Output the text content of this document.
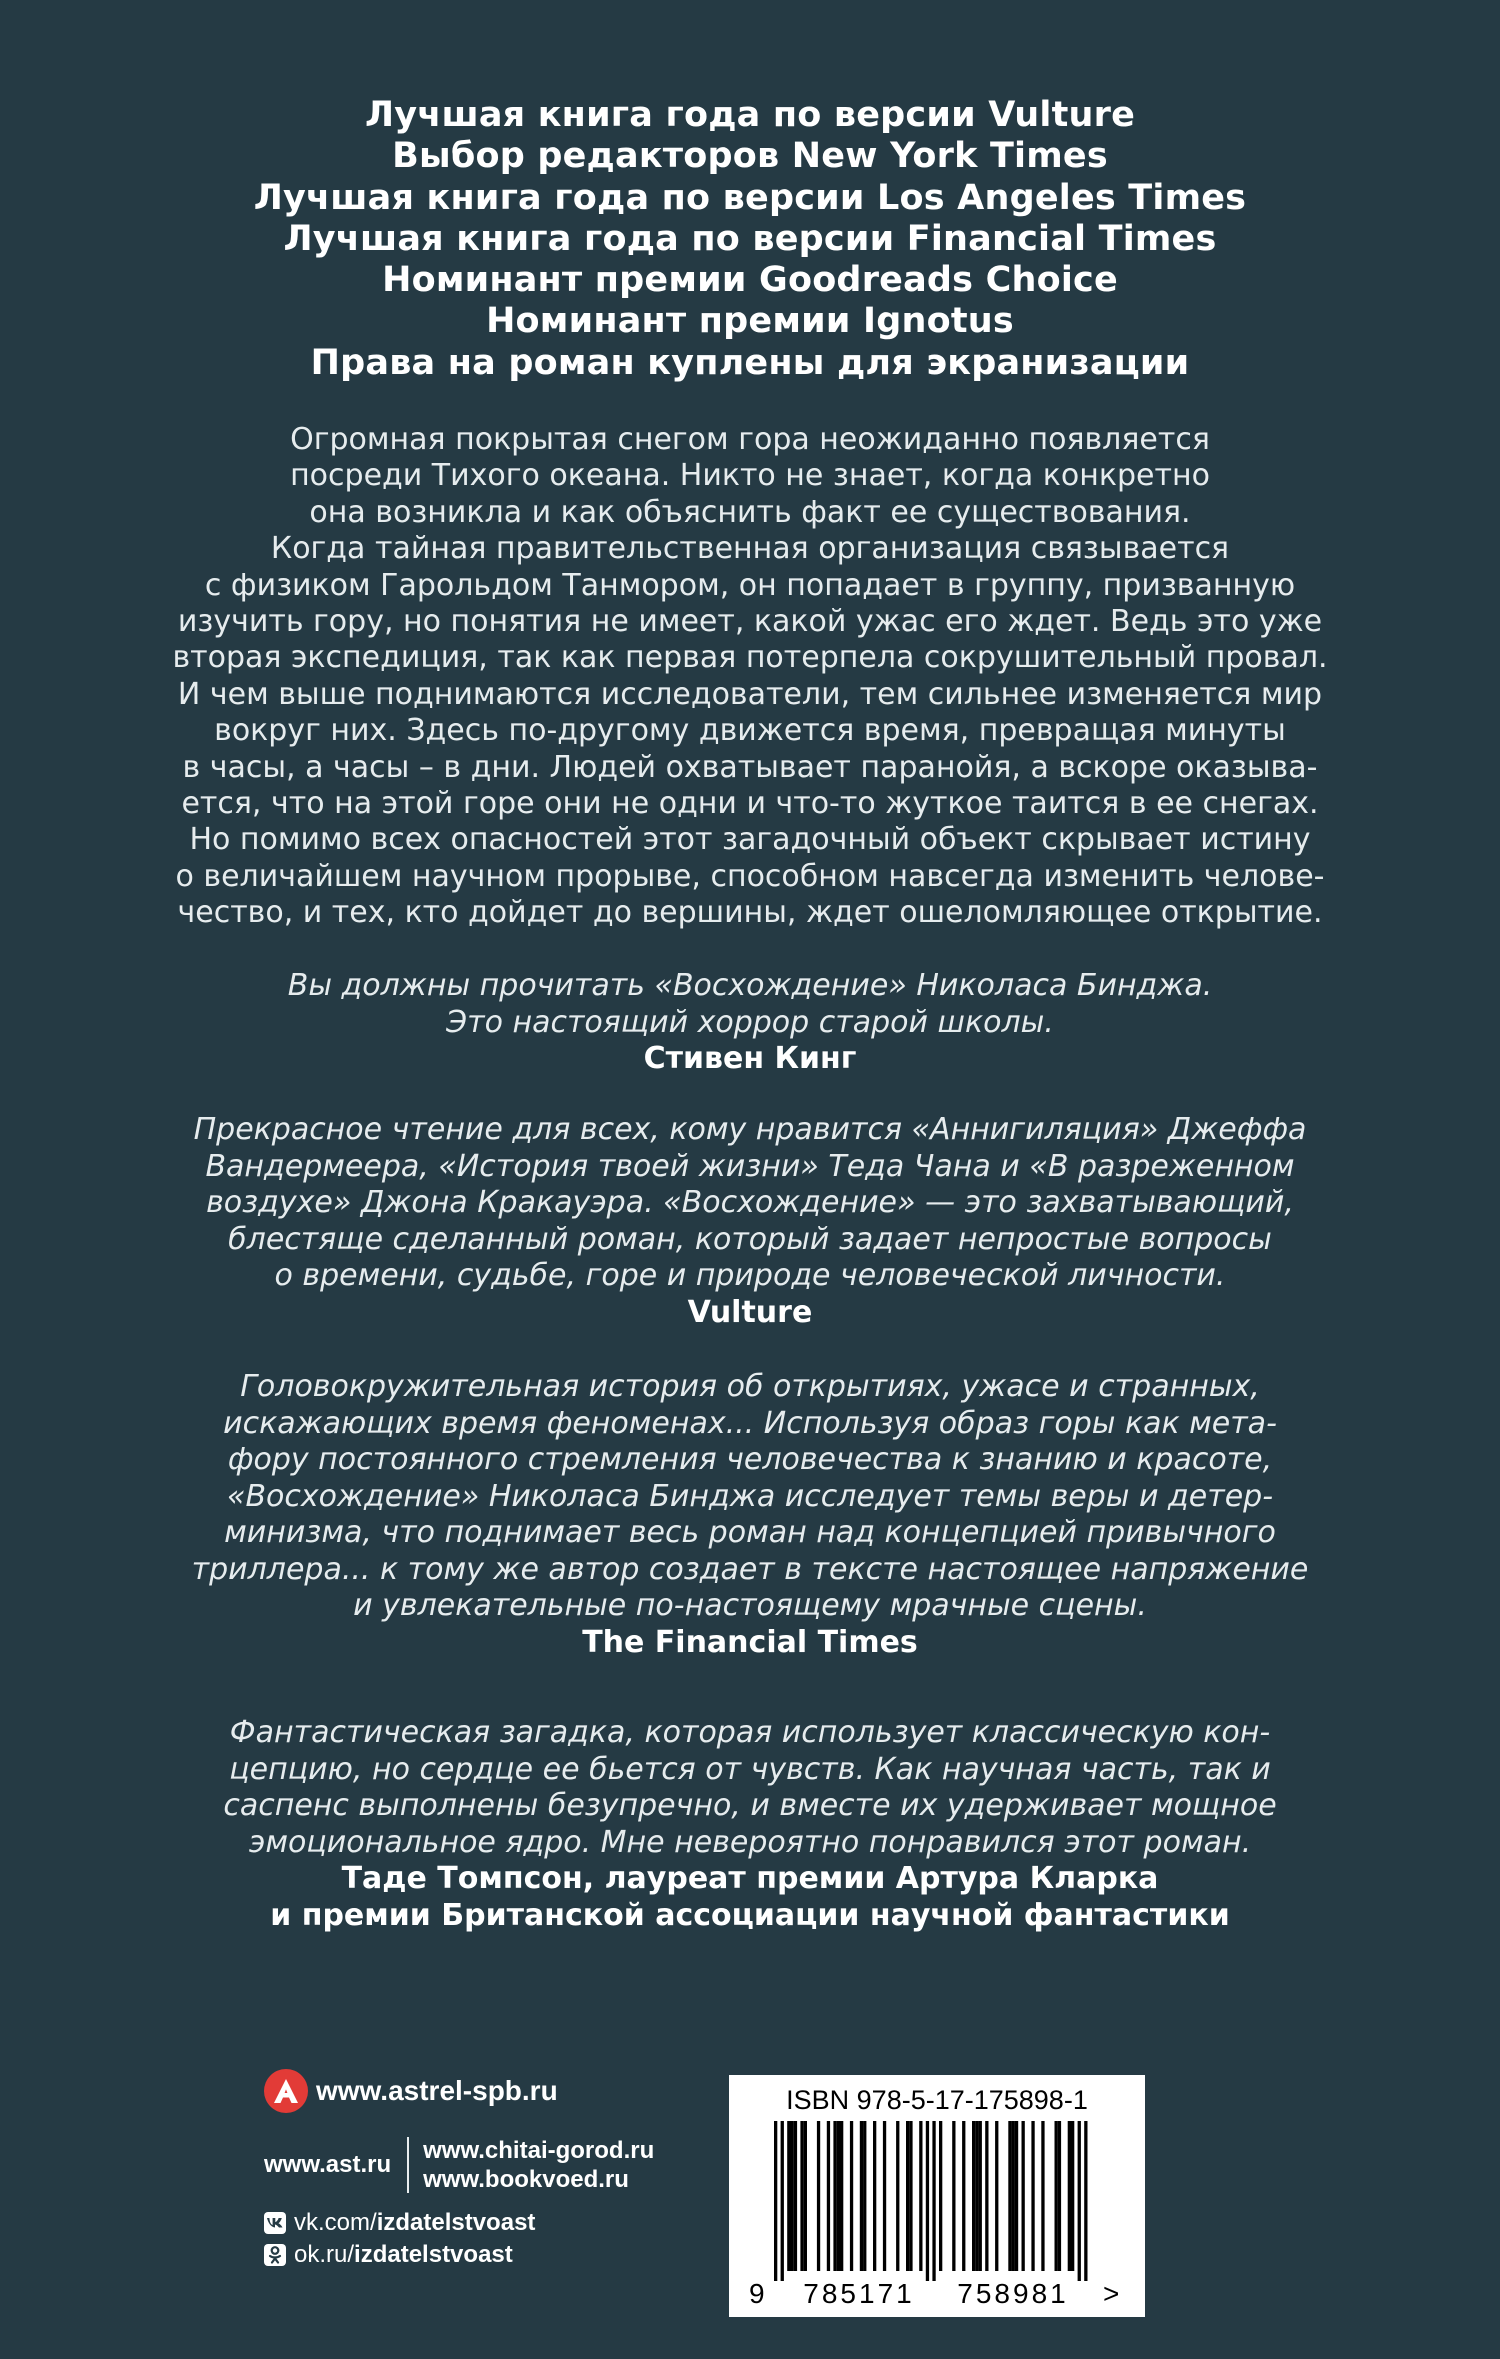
Лучшая книга года по версии Vulture
Выбор редакторов New York Times
Лучшая книга года по версии Los Angeles Times
Лучшая книга года по версии Financial Times
Номинант премии Goodreads Choice
Номинант премии Ignotus
Права на роман куплены для экранизации

Огромная покрытая снегом гора неожиданно появляется
посреди Тихого океана. Никто не знает, когда конкретно
она возникла и как объяснить факт ее существования.
Когда тайная правительственная организация связывается
с физиком Гарольдом Танмором, он попадает в группу, призванную
изучить гору, но понятия не имеет, какой ужас его ждет. Ведь это уже
вторая экспедиция, так как первая потерпела сокрушительный провал.
И чем выше поднимаются исследователи, тем сильнее изменяется мир
вокруг них. Здесь по-другому движется время, превращая минуты
в часы, а часы – в дни. Людей охватывает паранойя, а вскоре оказыва-
ется, что на этой горе они не одни и что-то жуткое таится в ее снегах.
Но помимо всех опасностей этот загадочный объект скрывает истину
о величайшем научном прорыве, способном навсегда изменить челове-
чество, и тех, кто дойдет до вершины, ждет ошеломляющее открытие.

Вы должны прочитать «Восхождение» Николаса Бинджа.
Это настоящий хоррор старой школы.
Стивен Кинг
Прекрасное чтение для всех, кому нравится «Аннигиляция» Джеффа
Вандермеера, «История твоей жизни» Теда Чана и «В разреженном
воздухе» Джона Кракауэра. «Восхождение» — это захватывающий,
блестяще сделанный роман, который задает непростые вопросы
о времени, судьбе, горе и природе человеческой личности.
Vulture
Головокружительная история об открытиях, ужасе и странных,
искажающих время феноменах... Используя образ горы как мета-
фору постоянного стремления человечества к знанию и красоте,
«Восхождение» Николаса Бинджа исследует темы веры и детер-
минизма, что поднимает весь роман над концепцией привычного
триллера... к тому же автор создает в тексте настоящее напряжение
и увлекательные по-настоящему мрачные сцены.
The Financial Times
Фантастическая загадка, которая использует классическую кон-
цепцию, но сердце ее бьется от чувств. Как научная часть, так и
саспенс выполнены безупречно, и вместе их удерживает мощное
эмоциональное ядро. Мне невероятно понравился этот роман.
Таде Томпсон, лауреат премии Артура Кларка
и премии Британской ассоциации научной фантастики
www.astrel-spb.ru
www.ast.ru
www.chitai-gorod.ru
www.bookvoed.ru
vk.com/izdatelstvoast
ok.ru/izdatelstvoast
ISBN 978-5-17-175898-1
9 785171 758981 >
